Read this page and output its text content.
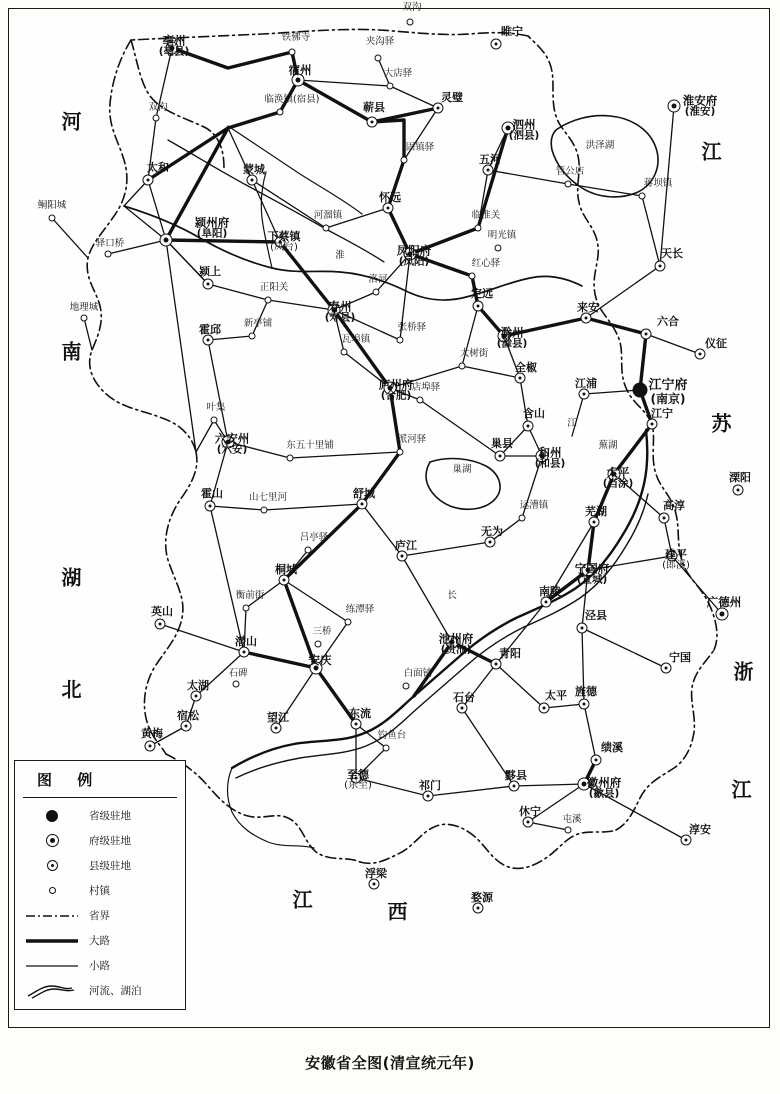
河
南
湖
北
江
苏
浙
江
江	西
亳州
(亳县)
铁佛寺	夹沟驿
睢宁
双沟
宿州	大店驿
灵璧	淮安府
(淮安)
临涣镇(宿县)
泗州
(泗县)
蕲县
双沟
洪泽湖
固镇驿
五河
太和	蒙城	管公店
蒋坝镇
怀远
河溜镇
鲖阳城
颍州府
(阜阳)	下蔡镇
(凤台)	凤阳府
(凤阳)
临淮关
明光镇
驿口桥
天长
淮
红心驿
颍上
洛河
正阳关
地理城	寿州
(寿县)
定远
来安
新亭铺
霍邱	滁州
(滁县)
六合
仪征
张桥驿
瓦埠镇
大树街
全椒
庐州府
(合肥)
江宁府
(南京)
江浦
店埠驿
江宁
江
含山
六安州
(六安)
派河驿
东五十里铺	巢县
和州
(和县)
蕪湖
太平
(当涂)	溧阳
巢湖
霍山	山七里河	舒城
运漕镇	芜湖	高淳
无为
建平
(郎溪)
吕亭驿
庐江
宁国府
(宣城)
桐城
广德州
衡前街	长	南陵
练潭驿
英山
三桥	池州府
(贵池)
泾县
潜山
安庆	青阳	宁国
白面铺
石碑
太平
太湖
石台	旌德
东流
宿松	望江
钓鱼台
黄梅
绩溪
至德
(东至)	徽州府
(歙县)
黟县
祁门
休宁
屯溪
淳安
浮梁
婺源
叶集
图 例
省级驻地
府级驻地
县级驻地
村镇
省界
大路
小路
河流、湖泊
安徽省全图(清宣统元年)
